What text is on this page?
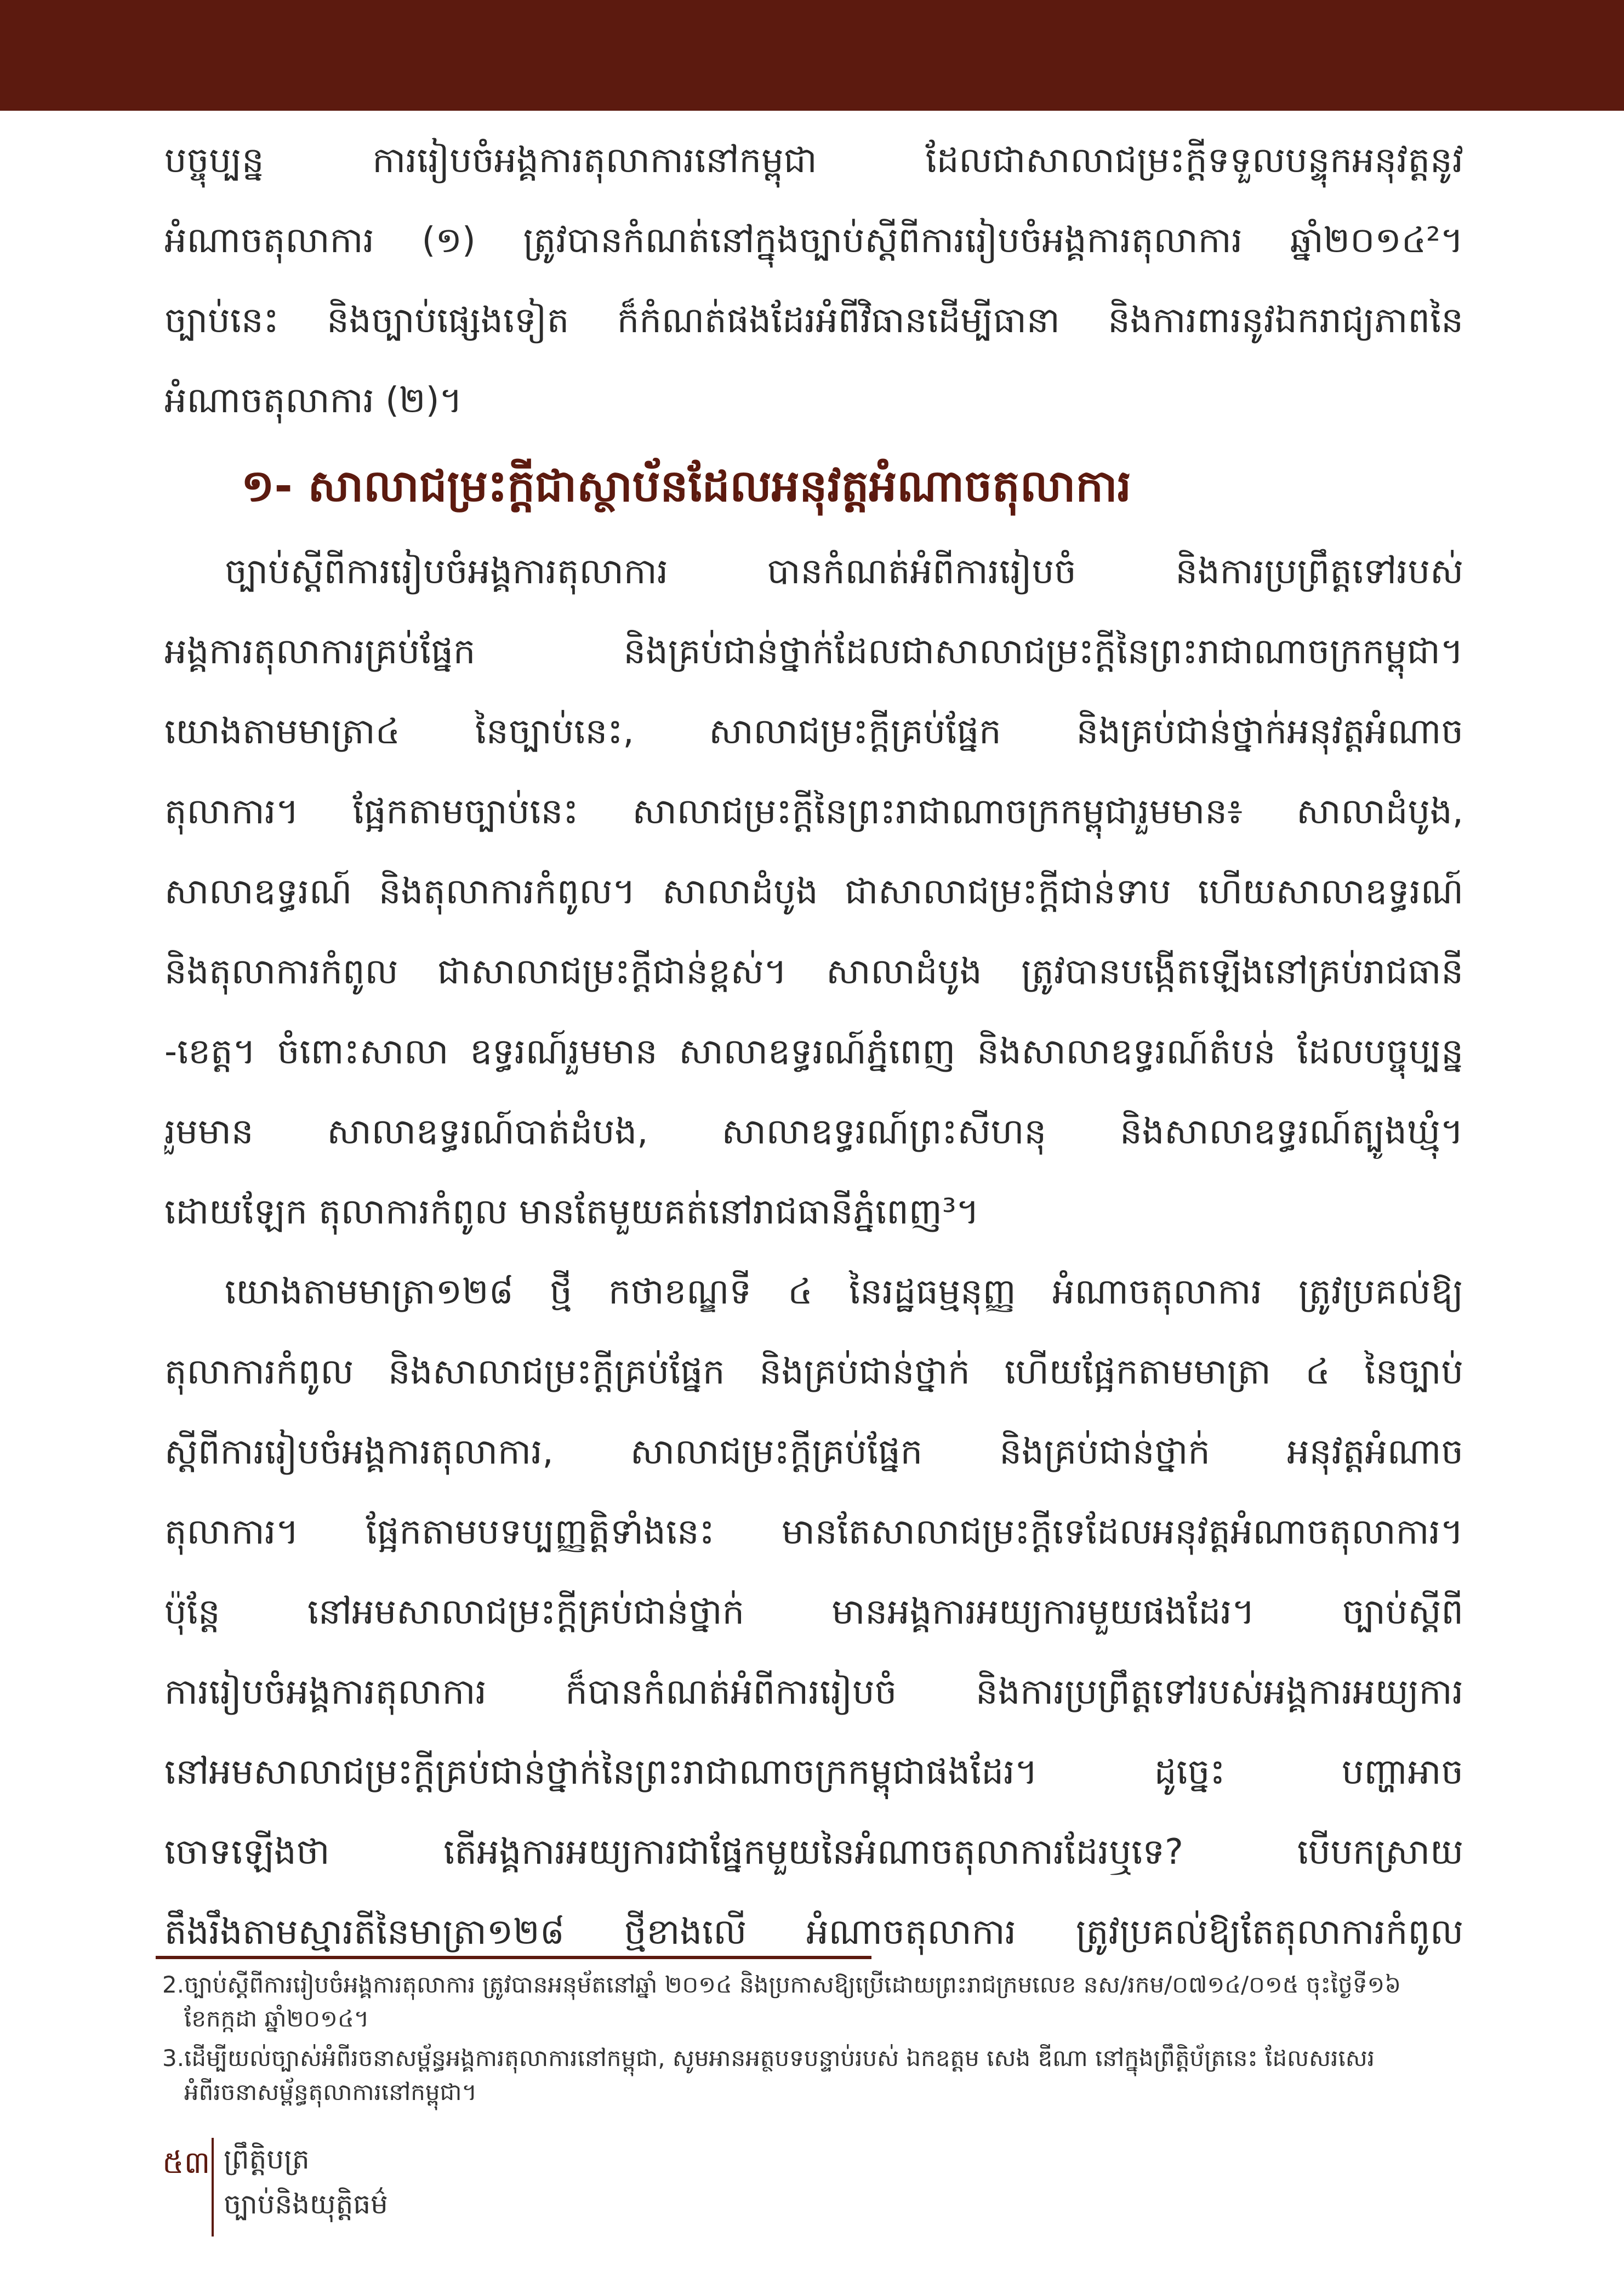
បច្ចុប្បន្ន ការរៀបចំអង្គការតុលាការនៅកម្ពុជា ដែលជាសាលាជម្រះក្តីទទួលបន្ទុកអនុវត្តនូវ
អំណាចតុលាការ (១) ត្រូវបានកំណត់នៅក្នុងច្បាប់ស្តីពីការរៀបចំអង្គការតុលាការ ឆ្នាំ២០១៤²។
ច្បាប់នេះ និងច្បាប់ផ្សេងទៀត ក៏កំណត់ផងដែរអំពីវិធានដើម្បីធានា និងការពារនូវឯករាជ្យភាពនៃ
អំណាចតុលាការ (២)។
១- សាលាជម្រះក្តីជាស្ថាប័នដែលអនុវត្តអំណាចតុលាការ
ច្បាប់ស្តីពីការរៀបចំអង្គការតុលាការ បានកំណត់អំពីការរៀបចំ និងការប្រព្រឹត្តទៅរបស់
អង្គការតុលាការគ្រប់ផ្នែក និងគ្រប់ជាន់ថ្នាក់ដែលជាសាលាជម្រះក្តីនៃព្រះរាជាណាចក្រកម្ពុជា។
យោងតាមមាត្រា៤ នៃច្បាប់នេះ, សាលាជម្រះក្តីគ្រប់ផ្នែក និងគ្រប់ជាន់ថ្នាក់អនុវត្តអំណាច
តុលាការ។ ផ្អែកតាមច្បាប់នេះ សាលាជម្រះក្តីនៃព្រះរាជាណាចក្រកម្ពុជារួមមាន៖ សាលាដំបូង,
សាលាឧទ្ធរណ៍ និងតុលាការកំពូល។ សាលាដំបូង ជាសាលាជម្រះក្តីជាន់ទាប ហើយសាលាឧទ្ធរណ៍
និងតុលាការកំពូល ជាសាលាជម្រះក្តីជាន់ខ្ពស់។ សាលាដំបូង ត្រូវបានបង្កើតឡើងនៅគ្រប់រាជធានី
-ខេត្ត។ ចំពោះសាលា ឧទ្ធរណ៍រួមមាន សាលាឧទ្ធរណ៍ភ្នំពេញ និងសាលាឧទ្ធរណ៍តំបន់ ដែលបច្ចុប្បន្ន
រួមមាន សាលាឧទ្ធរណ៍បាត់ដំបង, សាលាឧទ្ធរណ៍ព្រះសីហនុ និងសាលាឧទ្ធរណ៍ត្បូងឃ្មុំ។
ដោយឡែក តុលាការកំពូល មានតែមួយគត់នៅរាជធានីភ្នំពេញ³។
យោងតាមមាត្រា១២៨ ថ្មី កថាខណ្ឌទី ៤ នៃរដ្ឋធម្មនុញ្ញ អំណាចតុលាការ ត្រូវប្រគល់ឱ្យ
តុលាការកំពូល និងសាលាជម្រះក្តីគ្រប់ផ្នែក និងគ្រប់ជាន់ថ្នាក់ ហើយផ្អែកតាមមាត្រា ៤ នៃច្បាប់
ស្តីពីការរៀបចំអង្គការតុលាការ, សាលាជម្រះក្តីគ្រប់ផ្នែក និងគ្រប់ជាន់ថ្នាក់ អនុវត្តអំណាច
តុលាការ។ ផ្អែកតាមបទប្បញ្ញត្តិទាំងនេះ មានតែសាលាជម្រះក្តីទេដែលអនុវត្តអំណាចតុលាការ។
ប៉ុន្តែ នៅអមសាលាជម្រះក្តីគ្រប់ជាន់ថ្នាក់ មានអង្គការអយ្យការមួយផងដែរ។ ច្បាប់ស្តីពី
ការរៀបចំអង្គការតុលាការ ក៏បានកំណត់អំពីការរៀបចំ និងការប្រព្រឹត្តទៅរបស់អង្គការអយ្យការ
នៅអមសាលាជម្រះក្តីគ្រប់ជាន់ថ្នាក់នៃព្រះរាជាណាចក្រកម្ពុជាផងដែរ។ ដូច្នេះ បញ្ហាអាច
ចោទឡើងថា តើអង្គការអយ្យការជាផ្នែកមួយនៃអំណាចតុលាការដែរឬទេ? បើបកស្រាយ
តឹងរឹងតាមស្មារតីនៃមាត្រា១២៨ ថ្មីខាងលើ អំណាចតុលាការ ត្រូវប្រគល់ឱ្យតែតុលាការកំពូល
2. ច្បាប់ស្តីពីការរៀបចំអង្គការតុលាការ ត្រូវបានអនុម័តនៅឆ្នាំ ២០១៤ និងប្រកាសឱ្យប្រើដោយព្រះរាជក្រមលេខ នស/រកម/០៧១៤/០១៥ ចុះថ្ងៃទី១៦
ខែកក្កដា ឆ្នាំ២០១៤។
3. ដើម្បីយល់ច្បាស់អំពីរចនាសម្ព័ន្ធអង្គការតុលាការនៅកម្ពុជា, សូមអានអត្ថបទបន្ទាប់របស់ ឯកឧត្តម សេង ឌីណា នៅក្នុងព្រឹត្តិប័ត្រនេះ ដែលសរសេរ
អំពីរចនាសម្ព័ន្ធតុលាការនៅកម្ពុជា។
៥៣ ព្រឹត្តិបត្រ
ច្បាប់និងយុត្តិធម៌
